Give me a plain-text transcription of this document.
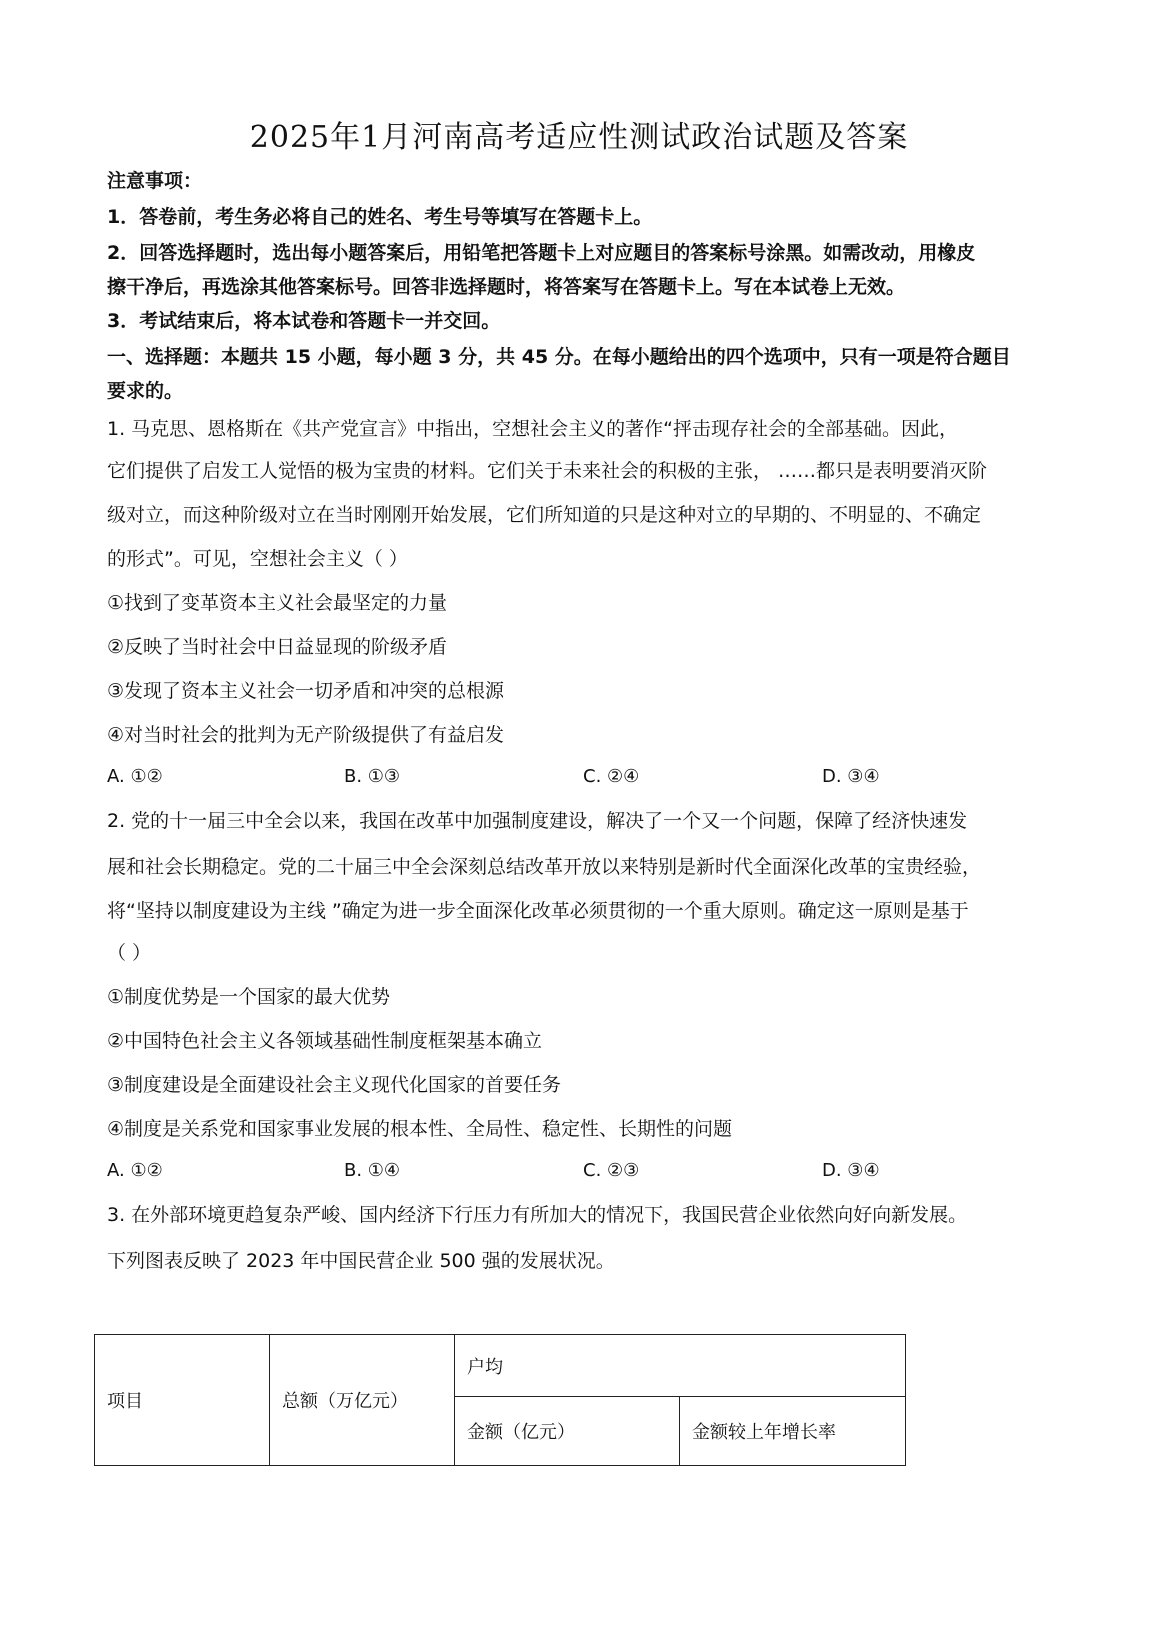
2025年1月河南高考适应性测试政治试题及答案
注意事项：
1．答卷前，考生务必将自己的姓名、考生号等填写在答题卡上。
2．回答选择题时，选出每小题答案后，用铅笔把答题卡上对应题目的答案标号涂黑。如需改动，用橡皮
擦干净后，再选涂其他答案标号。回答非选择题时，将答案写在答题卡上。写在本试卷上无效。
3．考试结束后，将本试卷和答题卡一并交回。
一、选择题：本题共 15 小题，每小题 3 分，共 45 分。在每小题给出的四个选项中，只有一项是符合题目
要求的。
1. 马克思、恩格斯在《共产党宣言》中指出，空想社会主义的著作“抨击现存社会的全部基础。因此，
它们提供了启发工人觉悟的极为宝贵的材料。它们关于未来社会的积极的主张， ……都只是表明要消灭阶
级对立，而这种阶级对立在当时刚刚开始发展，它们所知道的只是这种对立的早期的、不明显的、不确定
的形式”。可见，空想社会主义（ ）
①找到了变革资本主义社会最坚定的力量
②反映了当时社会中日益显现的阶级矛盾
③发现了资本主义社会一切矛盾和冲突的总根源
④对当时社会的批判为无产阶级提供了有益启发
A. ①②	B. ①③	C. ②④	D. ③④
2. 党的十一届三中全会以来，我国在改革中加强制度建设，解决了一个又一个问题，保障了经济快速发
展和社会长期稳定。党的二十届三中全会深刻总结改革开放以来特别是新时代全面深化改革的宝贵经验，
将“坚持以制度建设为主线 ”确定为进一步全面深化改革必须贯彻的一个重大原则。确定这一原则是基于
（ ）
①制度优势是一个国家的最大优势
②中国特色社会主义各领域基础性制度框架基本确立
③制度建设是全面建设社会主义现代化国家的首要任务
④制度是关系党和国家事业发展的根本性、全局性、稳定性、长期性的问题
A. ①②	B. ①④	C. ②③	D. ③④
3. 在外部环境更趋复杂严峻、国内经济下行压力有所加大的情况下，我国民营企业依然向好向新发展。
下列图表反映了 2023 年中国民营企业 500 强的发展状况。
项目	总额（万亿元）	户均	
		金额（亿元）	金额较上年增长率
